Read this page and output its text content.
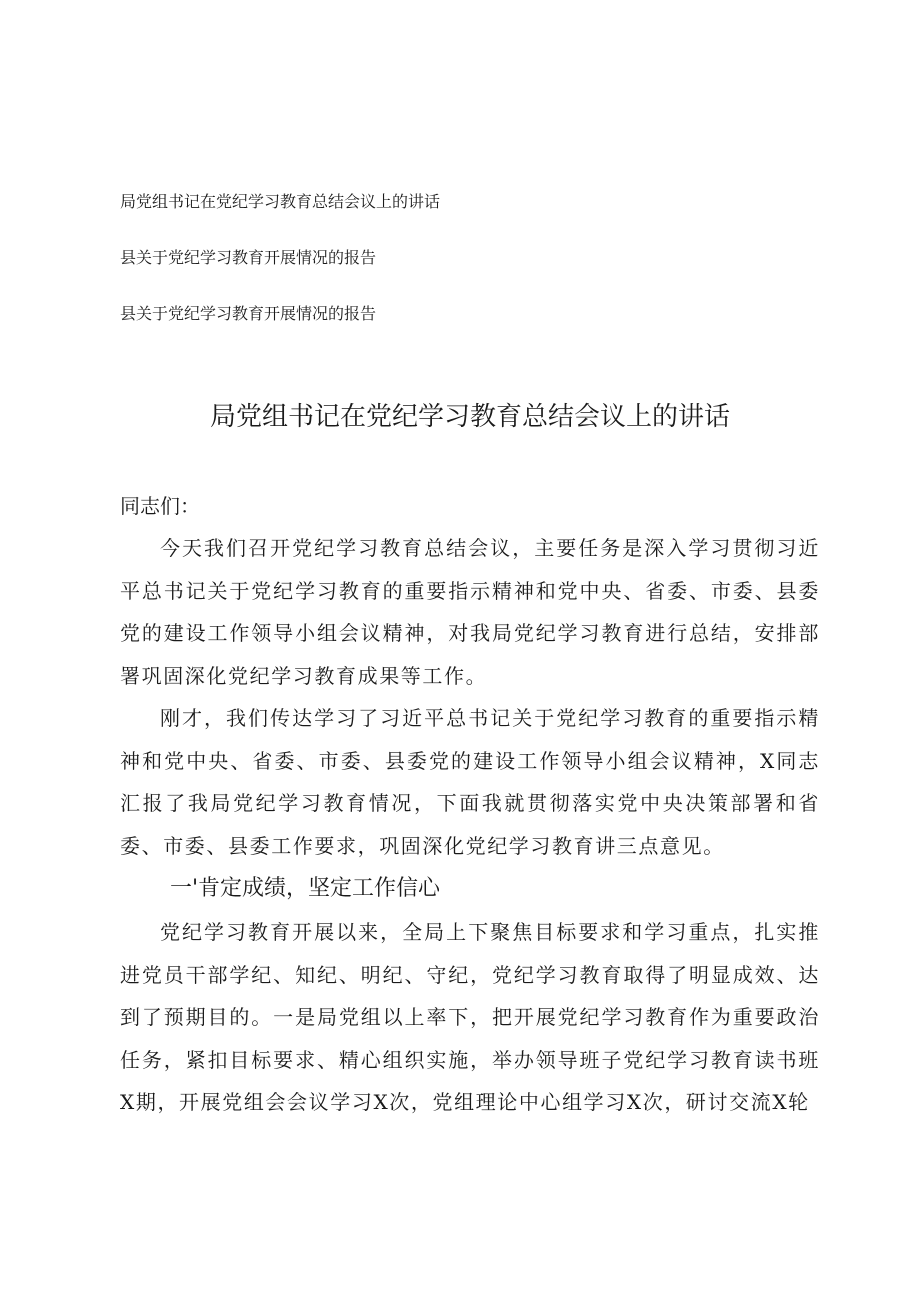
局党组书记在党纪学习教育总结会议上的讲话
县关于党纪学习教育开展情况的报告
县关于党纪学习教育开展情况的报告
局党组书记在党纪学习教育总结会议上的讲话

同志们：

今天我们召开党纪学习教育总结会议，主要任务是深入学习贯彻习近平总书记关于党纪学习教育的重要指示精神和党中央、省委、市委、县委党的建设工作领导小组会议精神，对我局党纪学习教育进行总结，安排部署巩固深化党纪学习教育成果等工作。

刚才，我们传达学习了习近平总书记关于党纪学习教育的重要指示精神和党中央、省委、市委、县委党的建设工作领导小组会议精神，X同志汇报了我局党纪学习教育情况，下面我就贯彻落实党中央决策部署和省委、市委、县委工作要求，巩固深化党纪学习教育讲三点意见。

一'肯定成绩，坚定工作信心

党纪学习教育开展以来，全局上下聚焦目标要求和学习重点，扎实推进党员干部学纪、知纪、明纪、守纪，党纪学习教育取得了明显成效、达到了预期目的。一是局党组以上率下，把开展党纪学习教育作为重要政治任务，紧扣目标要求、精心组织实施，举办领导班子党纪学习教育读书班X期，开展党组会会议学习X次，党组理论中心组学习X次，研讨交流X轮
